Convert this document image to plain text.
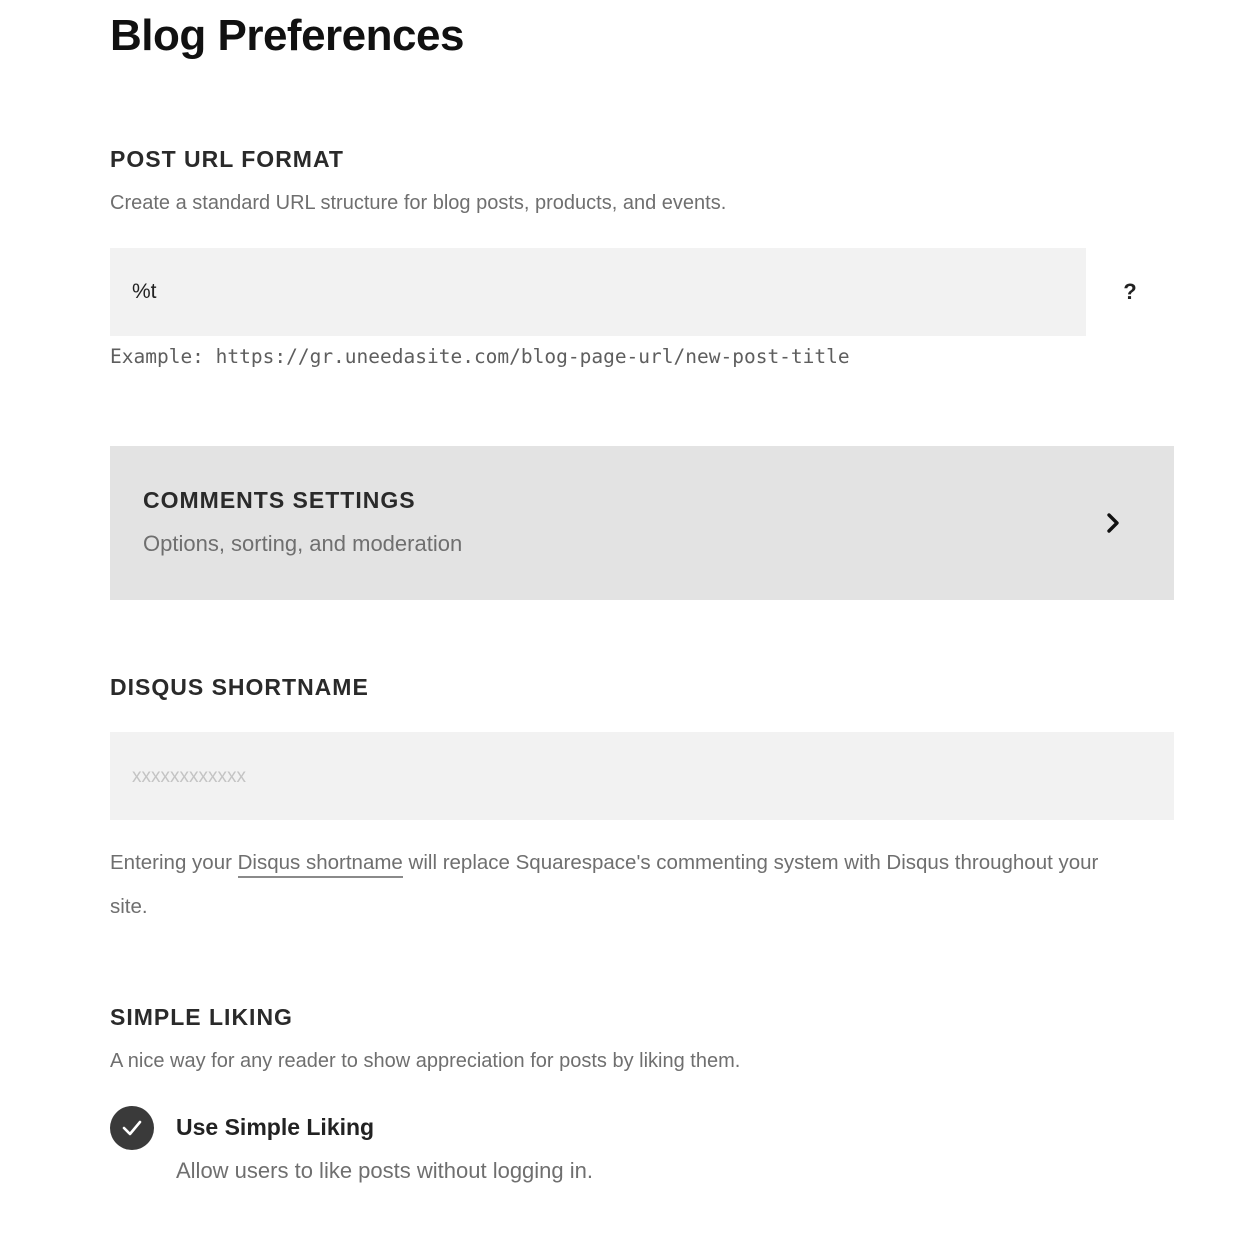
Blog Preferences
POST URL FORMAT
Create a standard URL structure for blog posts, products, and events.
%t
?
Example: https://gr.uneedasite.com/blog-page-url/new-post-title
COMMENTS SETTINGS
Options, sorting, and moderation
DISQUS SHORTNAME
xxxxxxxxxxxx
Entering your Disqus shortname will replace Squarespace's commenting system with Disqus throughout your site.
SIMPLE LIKING
A nice way for any reader to show appreciation for posts by liking them.
Use Simple Liking
Allow users to like posts without logging in.
